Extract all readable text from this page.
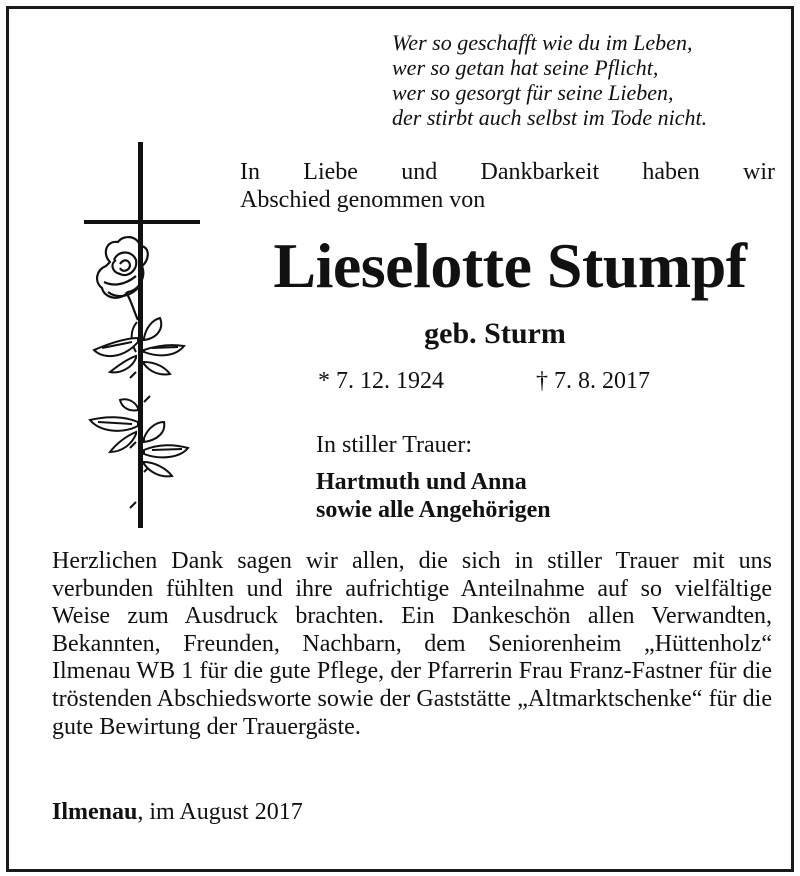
Wer so geschafft wie du im Leben,
wer so getan hat seine Pflicht,
wer so gesorgt für seine Lieben,
der stirbt auch selbst im Tode nicht.
In Liebe und Dankbarkeit haben wir
Abschied genommen von
Lieselotte Stumpf
geb. Sturm
* 7. 12. 1924	† 7. 8. 2017
In stiller Trauer:
Hartmuth und Anna
sowie alle Angehörigen
Herzlichen Dank sagen wir allen, die sich in stiller Trauer mit uns verbunden fühlten und ihre aufrichtige Anteilnahme auf so vielfältige Weise zum Ausdruck brachten. Ein Dankeschön allen Verwandten, Bekannten, Freunden, Nachbarn, dem Seniorenheim „Hüttenholz“ Ilmenau WB 1 für die gute Pflege, der Pfarrerin Frau Franz-Fastner für die tröstenden Abschiedsworte sowie der Gaststätte „Altmarktschenke“ für die gute Bewirtung der Trauergäste.
Ilmenau, im August 2017
